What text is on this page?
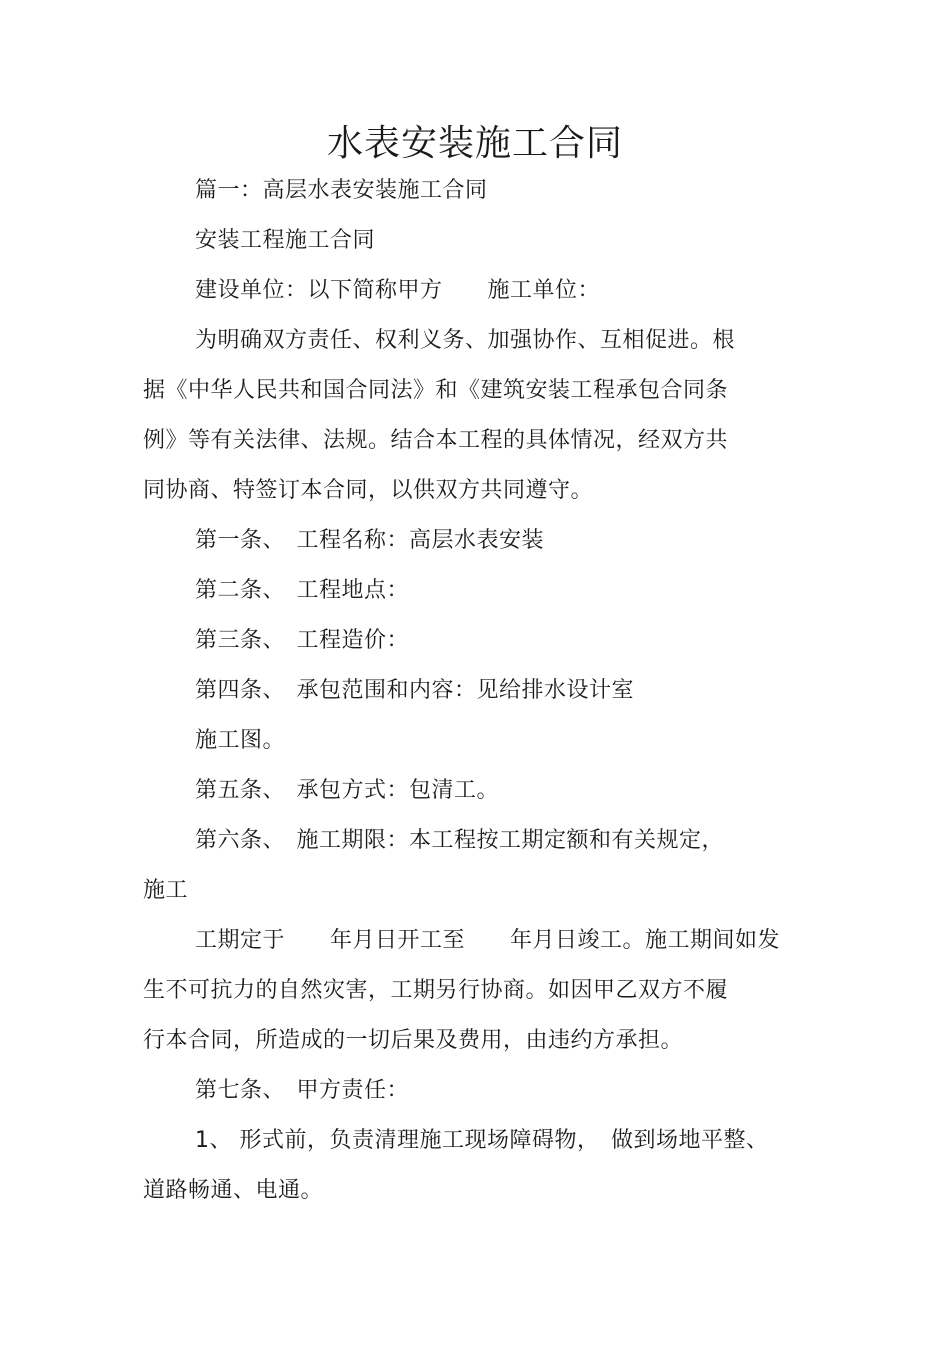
水表安装施工合同
篇一：高层水表安装施工合同
安装工程施工合同
建设单位：以下简称甲方　　施工单位：
为明确双方责任、权利义务、加强协作、互相促进。根
据《中华人民共和国合同法》和《建筑安装工程承包合同条
例》等有关法律、法规。结合本工程的具体情况，经双方共
同协商、特签订本合同，以供双方共同遵守。
第一条、　工程名称：高层水表安装
第二条、　工程地点：
第三条、　工程造价：
第四条、　承包范围和内容：见给排水设计室
施工图。
第五条、　承包方式：包清工。
第六条、　施工期限：本工程按工期定额和有关规定，
施工
工期定于　　年月日开工至　　年月日竣工。施工期间如发
生不可抗力的自然灾害，工期另行协商。如因甲乙双方不履
行本合同，所造成的一切后果及费用，由违约方承担。
第七条、　甲方责任：
1、 形式前，负责清理施工现场障碍物，　做到场地平整、
道路畅通、电通。
